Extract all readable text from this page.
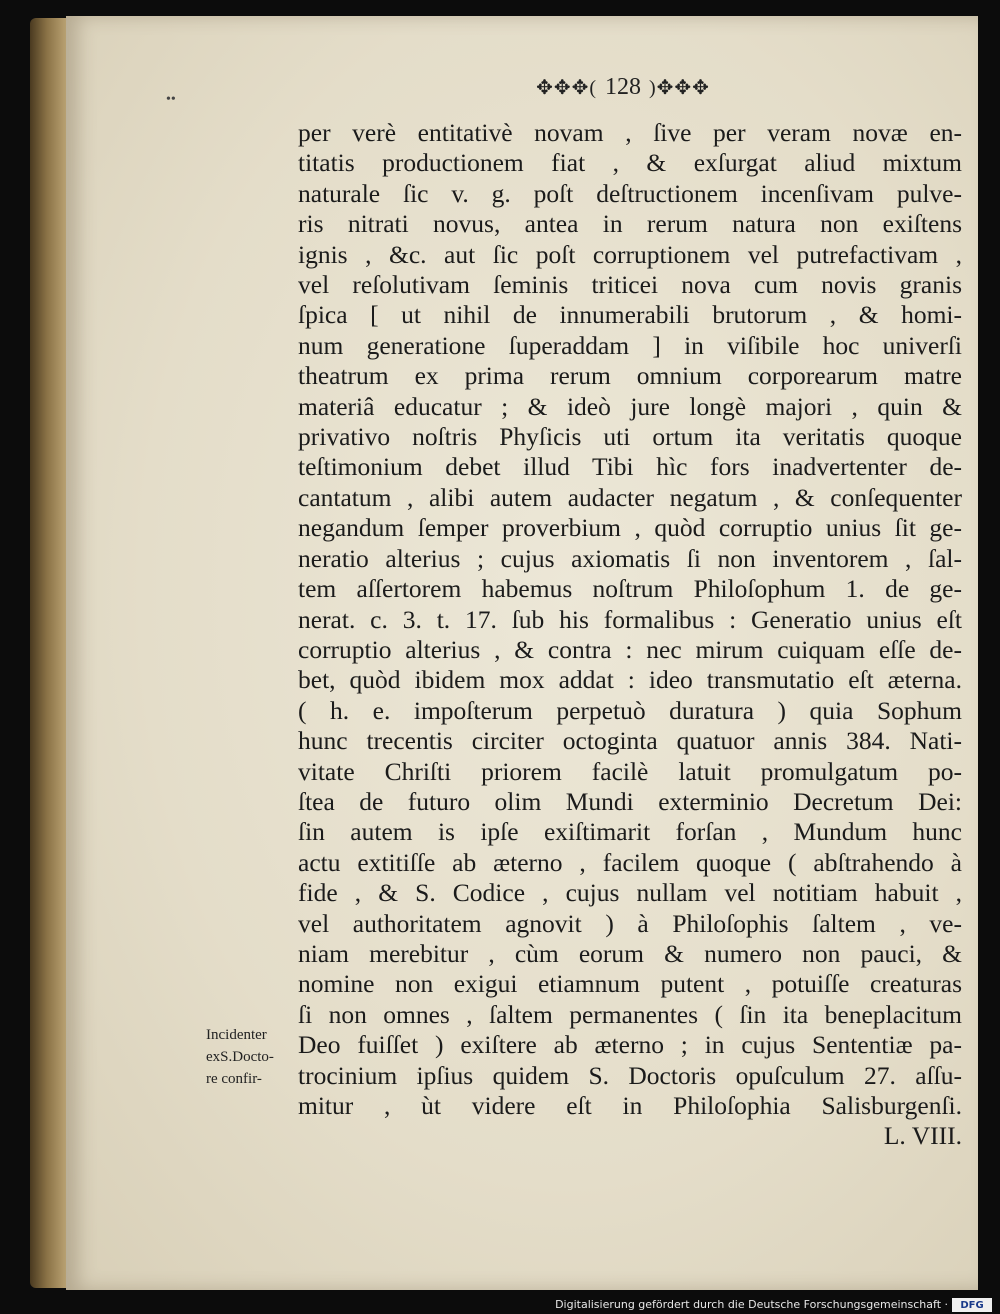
••
✥✥✥( 128 )✥✥✥
per verè entitativè novam , ſive per veram novæ en-
titatis productionem fiat , & exſurgat aliud mixtum
naturale ſic v. g. poſt deſtructionem incenſivam pulve-
ris nitrati novus, antea in rerum natura non exiſtens
ignis , &c. aut ſic poſt corruptionem vel putrefactivam ,
vel reſolutivam ſeminis triticei nova cum novis granis
ſpica [ ut nihil de innumerabili brutorum , & homi-
num generatione ſuperaddam ] in viſibile hoc univerſi
theatrum ex prima rerum omnium corporearum matre
materiâ educatur ; & ideò jure longè majori , quin &
privativo noſtris Phyſicis uti ortum ita veritatis quoque
teſtimonium debet illud Tibi hìc fors inadvertenter de-
cantatum , alibi autem audacter negatum , & conſequenter
negandum ſemper proverbium , quòd corruptio unius ſit ge-
neratio alterius ; cujus axiomatis ſi non inventorem , ſal-
tem aſſertorem habemus noſtrum Philoſophum 1. de ge-
nerat. c. 3. t. 17. ſub his formalibus : Generatio unius eſt
corruptio alterius , & contra : nec mirum cuiquam eſſe de-
bet, quòd ibidem mox addat : ideo transmutatio eſt æterna.
( h. e. impoſterum perpetuò duratura ) quia Sophum
hunc trecentis circiter octoginta quatuor annis 384. Nati-
vitate Chriſti priorem facilè latuit promulgatum po-
ſtea de futuro olim Mundi exterminio Decretum Dei:
ſin autem is ipſe exiſtimarit forſan , Mundum hunc
actu extitiſſe ab æterno , facilem quoque ( abſtrahendo à
fide , & S. Codice , cujus nullam vel notitiam habuit ,
vel authoritatem agnovit ) à Philoſophis ſaltem , ve-
niam merebitur , cùm eorum & numero non pauci, &
nomine non exigui etiamnum putent , potuiſſe creaturas
ſi non omnes , ſaltem permanentes ( ſin ita beneplacitum
Deo fuiſſet ) exiſtere ab æterno ; in cujus Sententiæ pa-
trocinium ipſius quidem S. Doctoris opuſculum 27. aſſu-
mitur , ùt videre eſt in Philoſophia Salisburgenſi.
L. VIII.
Incidenter
exS.Docto-
re confir-
Digitalisierung gefördert durch die Deutsche Forschungsgemeinschaft ·	DFG
